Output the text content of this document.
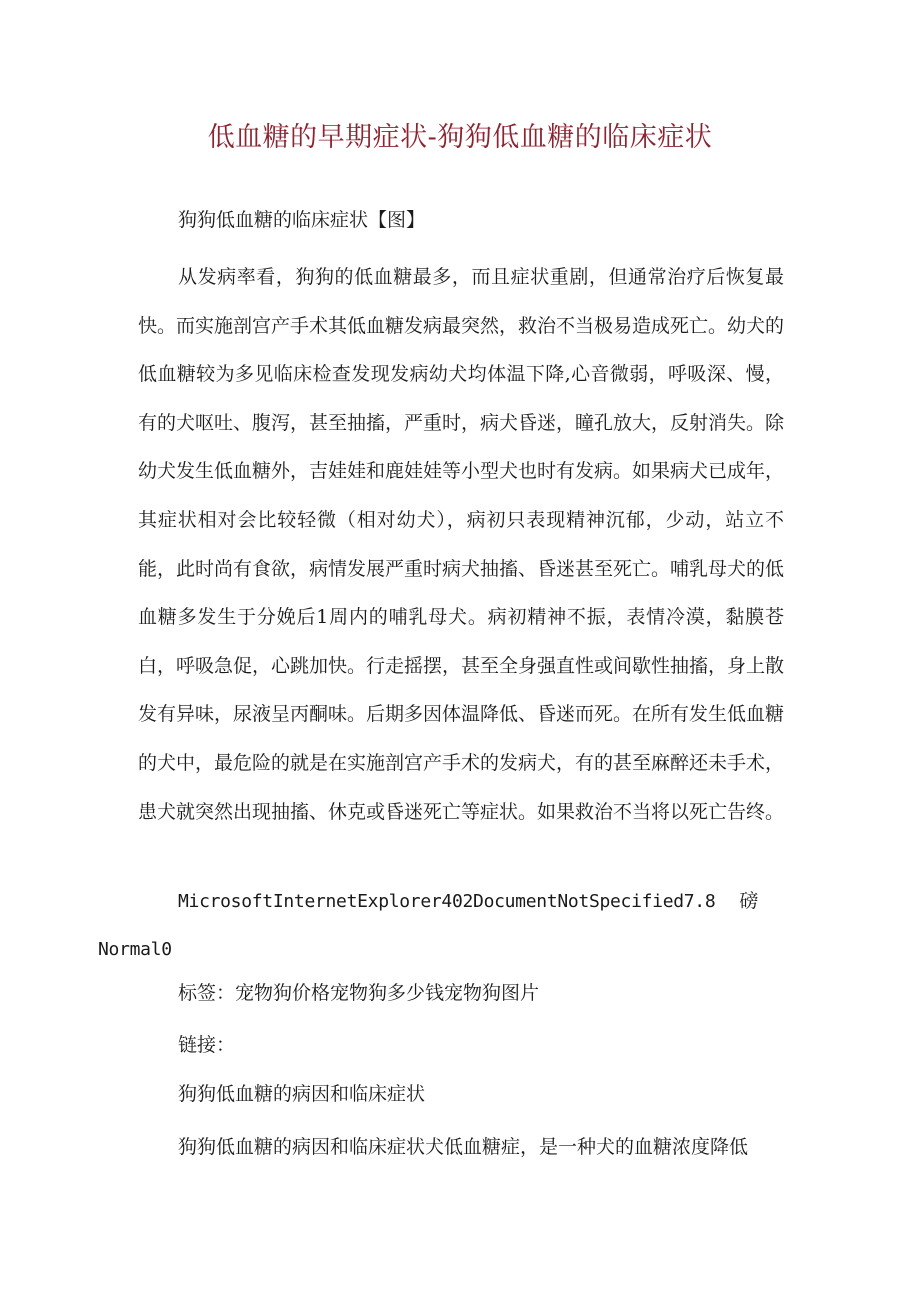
低血糖的早期症状-狗狗低血糖的临床症状

狗狗低血糖的临床症状【图】

从发病率看，狗狗的低血糖最多，而且症状重剧，但通常治疗后恢复最快。而实施剖宫产手术其低血糖发病最突然，救治不当极易造成死亡。幼犬的低血糖较为多见临床检查发现发病幼犬均体温下降,心音微弱，呼吸深、慢，有的犬呕吐、腹泻，甚至抽搐，严重时，病犬昏迷，瞳孔放大，反射消失。除幼犬发生低血糖外，吉娃娃和鹿娃娃等小型犬也时有发病。如果病犬已成年，其症状相对会比较轻微（相对幼犬），病初只表现精神沉郁，少动，站立不能，此时尚有食欲，病情发展严重时病犬抽搐、昏迷甚至死亡。哺乳母犬的低血糖多发生于分娩后1周内的哺乳母犬。病初精神不振，表情冷漠，黏膜苍白，呼吸急促，心跳加快。行走摇摆，甚至全身强直性或间歇性抽搐，身上散发有异味，尿液呈丙酮味。后期多因体温降低、昏迷而死。在所有发生低血糖的犬中，最危险的就是在实施剖宫产手术的发病犬，有的甚至麻醉还未手术，患犬就突然出现抽搐、休克或昏迷死亡等症状。如果救治不当将以死亡告终。

MicrosoftInternetExplorer402DocumentNotSpecified7.8 磅
Normal0

标签：宠物狗价格宠物狗多少钱宠物狗图片

链接：

狗狗低血糖的病因和临床症状

狗狗低血糖的病因和临床症状犬低血糖症，是一种犬的血糖浓度降低
